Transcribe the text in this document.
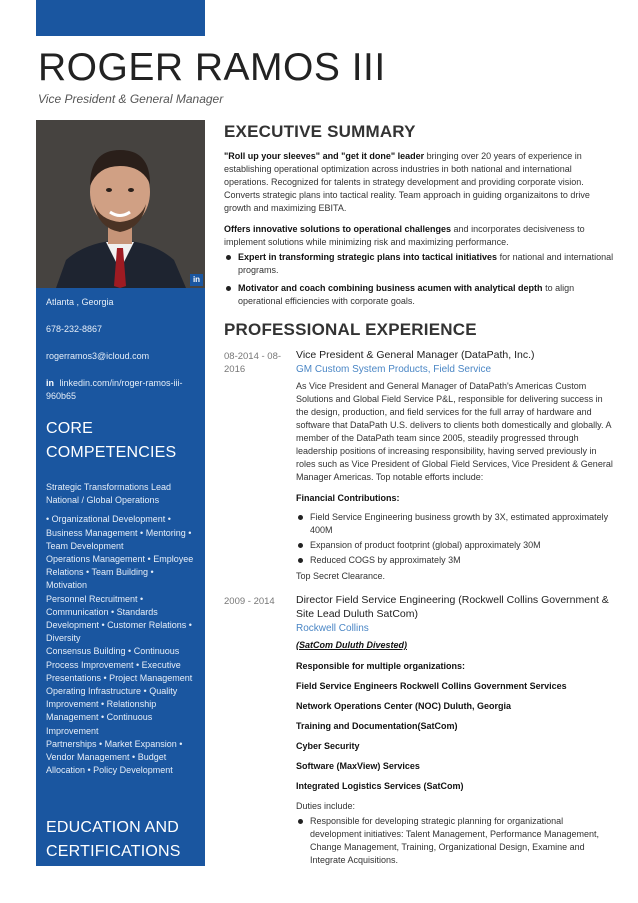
ROGER RAMOS III
Vice President & General Manager
in
Atlanta , Georgia
678-232-8867
rogerramos3@icloud.com
in linkedin.com/in/roger-ramos-iii-960b65
CORE COMPETENCIES

Strategic Transformations Lead National / Global Operations

• Organizational Development • Business Management • Mentoring • Team Development

Operations Management • Employee Relations • Team Building • Motivation

Personnel Recruitment • Communication • Standards Development • Customer Relations • Diversity

Consensus Building • Continuous Process Improvement • Executive Presentations • Project Management

Operating Infrastructure • Quality Improvement • Relationship Management • Continuous Improvement

Partnerships • Market Expansion • Vendor Management • Budget Allocation • Policy Development

EDUCATION AND CERTIFICATIONS
EXECUTIVE SUMMARY

"Roll up your sleeves" and "get it done" leader bringing over 20 years of experience in establishing operational optimization across industries in both national and international operations. Recognized for talents in strategy development and providing corporate vision. Converts strategic plans into tactical reality. Team approach in guiding organizaitons to drive growth and maximizing EBITA.

Offers innovative solutions to operational challenges and incorporates decisiveness to implement solutions while minimizing risk and maximizing performance.

Expert in transforming strategic plans into tactical initiatives for national and international programs.
Motivator and coach combining business acumen with analytical depth to align operational efficiencies with corporate goals.
PROFESSIONAL EXPERIENCE
08-2014 - 08-2016
Vice President & General Manager (DataPath, Inc.)
GM Custom System Products, Field Service

As Vice President and General Manager of DataPath's Americas Custom Solutions and Global Field Service P&L, responsible for delivering success in the design, production, and field services for the full array of hardware and software that DataPath U.S. delivers to clients both domestically and globally. A member of the DataPath team since 2005, steadily progressed through leadership positions of increasing responsibility, having served previously in roles such as Vice President of Global Field Services, Vice President & General Manager Americas. Top notable efforts include:

Financial Contributions:

Field Service Engineering business growth by 3X, estimated approximately 400M
Expansion of product footprint (global) approximately 30M
Reduced COGS by approximately 3M

Top Secret Clearance.

2009 - 2014	Director Field Service Engineering (Rockwell Collins Government & Site Lead Duluth SatCom)
Rockwell Collins

(SatCom Duluth Divested)

Responsible for multiple organizations:

Field Service Engineers Rockwell Collins Government Services

Network Operations Center (NOC) Duluth, Georgia

Training and Documentation(SatCom)

Cyber Security

Software (MaxView) Services

Integrated Logistics Services (SatCom)

Duties include:

Responsible for developing strategic planning for organizational development initiatives: Talent Management, Performance Management, Change Management, Training, Organizational Design, Examine and Integrate Acquisitions.
